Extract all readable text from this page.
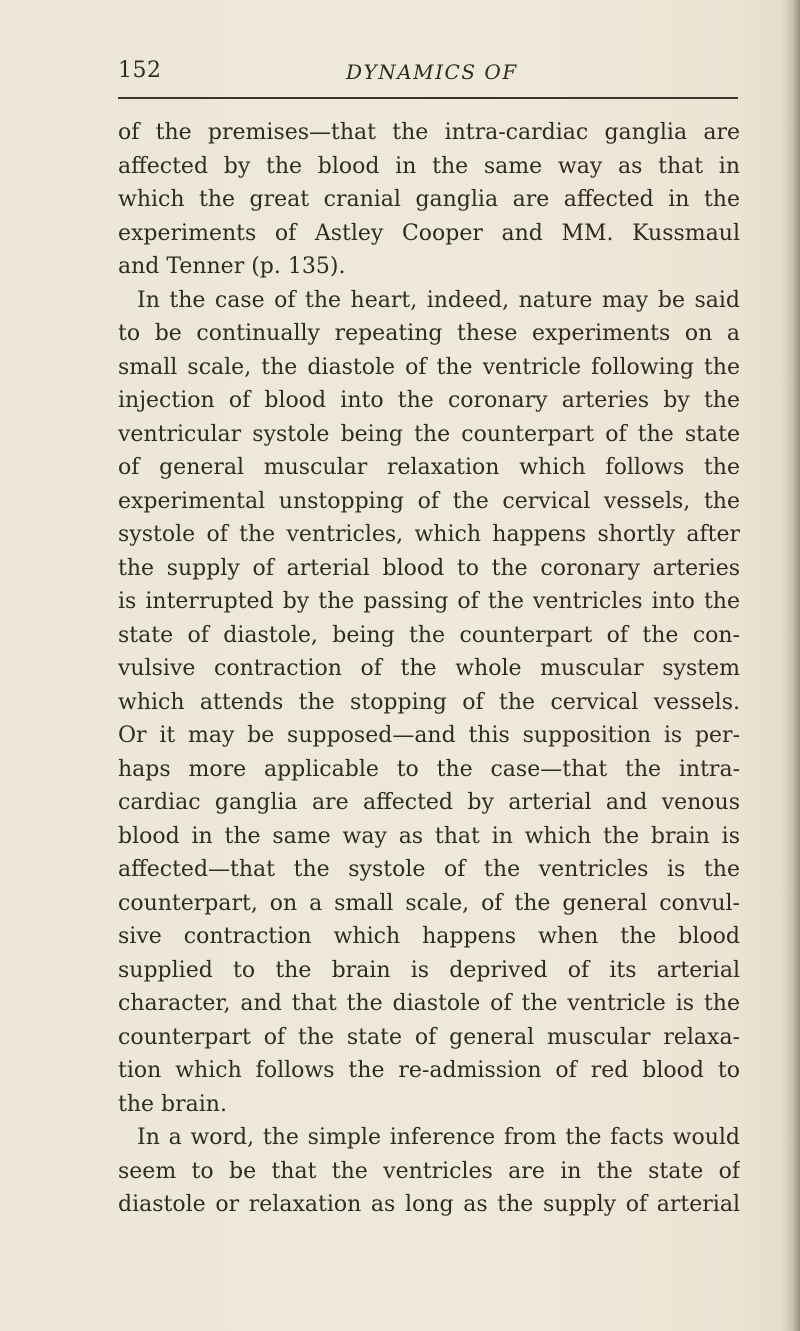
152	DYNAMICS OF
of the premises—that the intra-cardiac ganglia are
affected by the blood in the same way as that in
which the great cranial ganglia are affected in the
experiments of Astley Cooper and MM. Kussmaul
and Tenner (p. 135).
In the case of the heart, indeed, nature may be said
to be continually repeating these experiments on a
small scale, the diastole of the ventricle following the
injection of blood into the coronary arteries by the
ventricular systole being the counterpart of the state
of general muscular relaxation which follows the
experimental unstopping of the cervical vessels, the
systole of the ventricles, which happens shortly after
the supply of arterial blood to the coronary arteries
is interrupted by the passing of the ventricles into the
state of diastole, being the counterpart of the con-
vulsive contraction of the whole muscular system
which attends the stopping of the cervical vessels.
Or it may be supposed—and this supposition is per-
haps more applicable to the case—that the intra-
cardiac ganglia are affected by arterial and venous
blood in the same way as that in which the brain is
affected—that the systole of the ventricles is the
counterpart, on a small scale, of the general convul-
sive contraction which happens when the blood
supplied to the brain is deprived of its arterial
character, and that the diastole of the ventricle is the
counterpart of the state of general muscular relaxa-
tion which follows the re-admission of red blood to
the brain.
In a word, the simple inference from the facts would
seem to be that the ventricles are in the state of
diastole or relaxation as long as the supply of arterial
